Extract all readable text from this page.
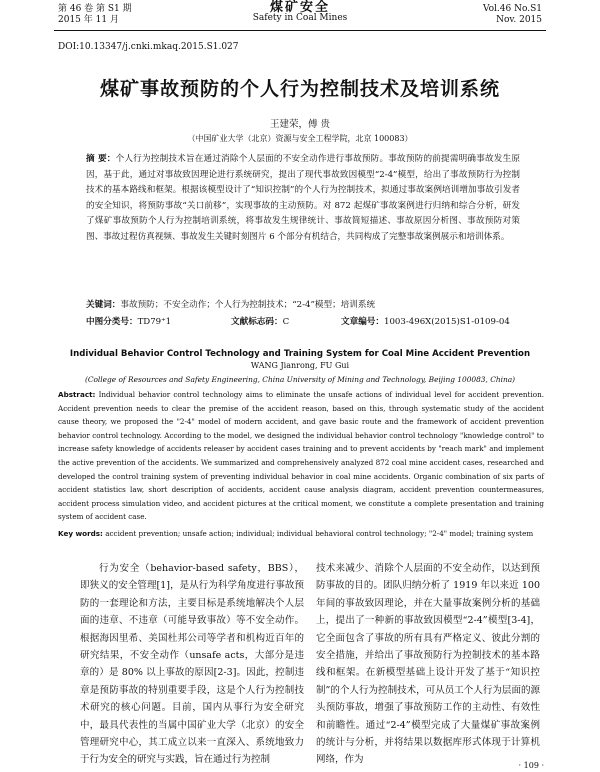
第 46 卷 第 S1 期
2015 年 11 月
煤矿安全
Safety in Coal Mines
Vol.46 No.S1
Nov. 2015
DOI:10.13347/j.cnki.mkaq.2015.S1.027
煤矿事故预防的个人行为控制技术及培训系统
王建荣，傅 贵
（中国矿业大学（北京）资源与安全工程学院，北京 100083）
摘 要：个人行为控制技术旨在通过消除个人层面的不安全动作进行事故预防。事故预防的前提需明确事故发生原因，基于此，通过对事故致因理论进行系统研究，提出了现代事故致因模型“2-4”模型，给出了事故预防行为控制技术的基本路线和框架。根据该模型设计了“知识控制”的个人行为控制技术，拟通过事故案例培训增加事故引发者的安全知识，将预防事故“关口前移”，实现事故的主动预防。对 872 起煤矿事故案例进行归纳和综合分析，研发了煤矿事故预防个人行为控制培训系统，将事故发生规律统计、事故简短描述、事故原因分析图、事故预防对策图、事故过程仿真视频、事故发生关键时刻图片 6 个部分有机结合，共同构成了完整事故案例展示和培训体系。
关键词：事故预防；不安全动作；个人行为控制技术；“2-4”模型；培训系统
中图分类号：TD79⁺1	文献标志码：C	文章编号：1003-496X(2015)S1-0109-04
Individual Behavior Control Technology and Training System for Coal Mine Accident Prevention
WANG Jianrong, FU Gui
(College of Resources and Safety Engineering, China University of Mining and Technology, Beijing 100083, China)
Abstract: Individual behavior control technology aims to eliminate the unsafe actions of individual level for accident prevention. Accident prevention needs to clear the premise of the accident reason, based on this, through systematic study of the accident cause theory, we proposed the "2-4" model of modern accident, and gave basic route and the framework of accident prevention behavior control technology. According to the model, we designed the individual behavior control technology "knowledge control" to increase safety knowledge of accidents releaser by accident cases training and to prevent accidents by "reach mark" and implement the active prevention of the accidents. We summarized and comprehensively analyzed 872 coal mine accident cases, researched and developed the control training system of preventing individual behavior in coal mine accidents. Organic combination of six parts of accident statistics law, short description of accidents, accident cause analysis diagram, accident prevention countermeasures, accident process simulation video, and accident pictures at the critical moment, we constitute a complete presentation and training system of accident case.
Key words: accident prevention; unsafe action; individual; individual behavioral control technology; "2-4" model; training system

行为安全（behavior-based safety，BBS），即狭义的安全管理[1]，是从行为科学角度进行事故预防的一套理论和方法，主要目标是系统地解决个人层面的违章、不违章（可能导致事故）等不安全动作。根据海因里希、美国杜邦公司等学者和机构近百年的研究结果，不安全动作（unsafe acts，大部分是违章的）是 80% 以上事故的原因[2-3]。因此，控制违章是预防事故的特别重要手段，这是个人行为控制技术研究的核心问题。目前，国内从事行为安全研究中，最具代表性的当属中国矿业大学（北京）的安全管理研究中心，其工成立以来一直深入、系统地致力于行为安全的研究与实践，旨在通过行为控制

技术来减少、消除个人层面的不安全动作，以达到预防事故的目的。团队归纳分析了 1919 年以来近 100 年间的事故致因理论，并在大量事故案例分析的基础上，提出了一种新的事故致因模型“2-4”模型[3-4]，它全面包含了事故的所有具有严格定义、彼此分割的安全措施，并给出了事故预防行为控制技术的基本路线和框架。在新模型基础上设计开发了基于“知识控制”的个人行为控制技术，可从员工个人行为层面的源头预防事故，增强了事故预防工作的主动性、有效性和前瞻性。通过“2-4”模型完成了大量煤矿事故案例的统计与分析，并将结果以数据库形式体现于计算机网络，作为

· 109 ·
